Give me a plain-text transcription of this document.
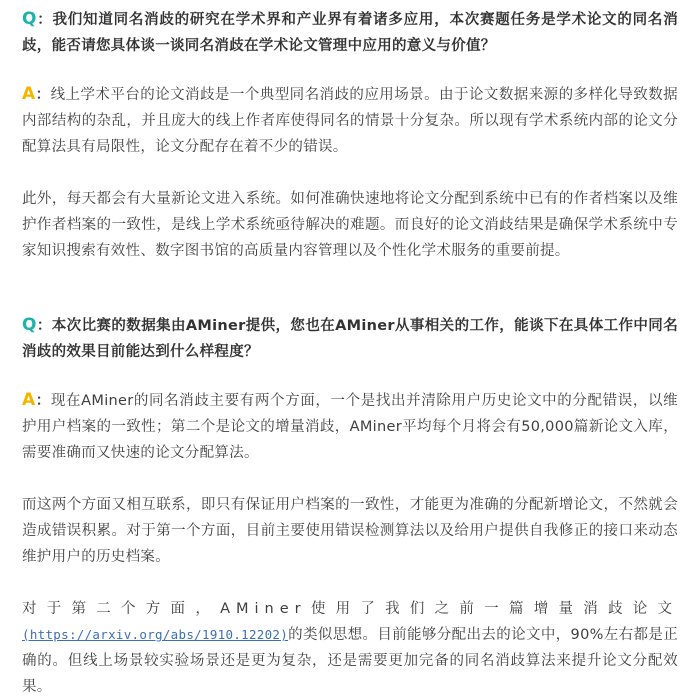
Q：我们知道同名消歧的研究在学术界和产业界有着诸多应用，本次赛题任务是学术论文的同名消歧，能否请您具体谈一谈同名消歧在学术论文管理中应用的意义与价值？

A：线上学术平台的论文消歧是一个典型同名消歧的应用场景。由于论文数据来源的多样化导致数据内部结构的杂乱，并且庞大的线上作者库使得同名的情景十分复杂。所以现有学术系统内部的论文分配算法具有局限性，论文分配存在着不少的错误。

此外，每天都会有大量新论文进入系统。如何准确快速地将论文分配到系统中已有的作者档案以及维护作者档案的一致性，是线上学术系统亟待解决的难题。而良好的论文消歧结果是确保学术系统中专家知识搜索有效性、数字图书馆的高质量内容管理以及个性化学术服务的重要前提。

Q：本次比赛的数据集由AMiner提供，您也在AMiner从事相关的工作，能谈下在具体工作中同名消歧的效果目前能达到什么样程度？

A：现在AMiner的同名消歧主要有两个方面，一个是找出并清除用户历史论文中的分配错误，以维护用户档案的一致性；第二个是论文的增量消歧，AMiner平均每个月将会有50,000篇新论文入库，需要准确而又快速的论文分配算法。

而这两个方面又相互联系，即只有保证用户档案的一致性，才能更为准确的分配新增论文，不然就会造成错误积累。对于第一个方面，目前主要使用错误检测算法以及给用户提供自我修正的接口来动态维护用户的历史档案。

对于第二个方面，AMiner使用了我们之前一篇增量消歧论文(https://arxiv.org/abs/1910.12202)的类似思想。目前能够分配出去的论文中，90%左右都是正确的。但线上场景较实验场景还是更为复杂，还是需要更加完备的同名消歧算法来提升论文分配效果。
